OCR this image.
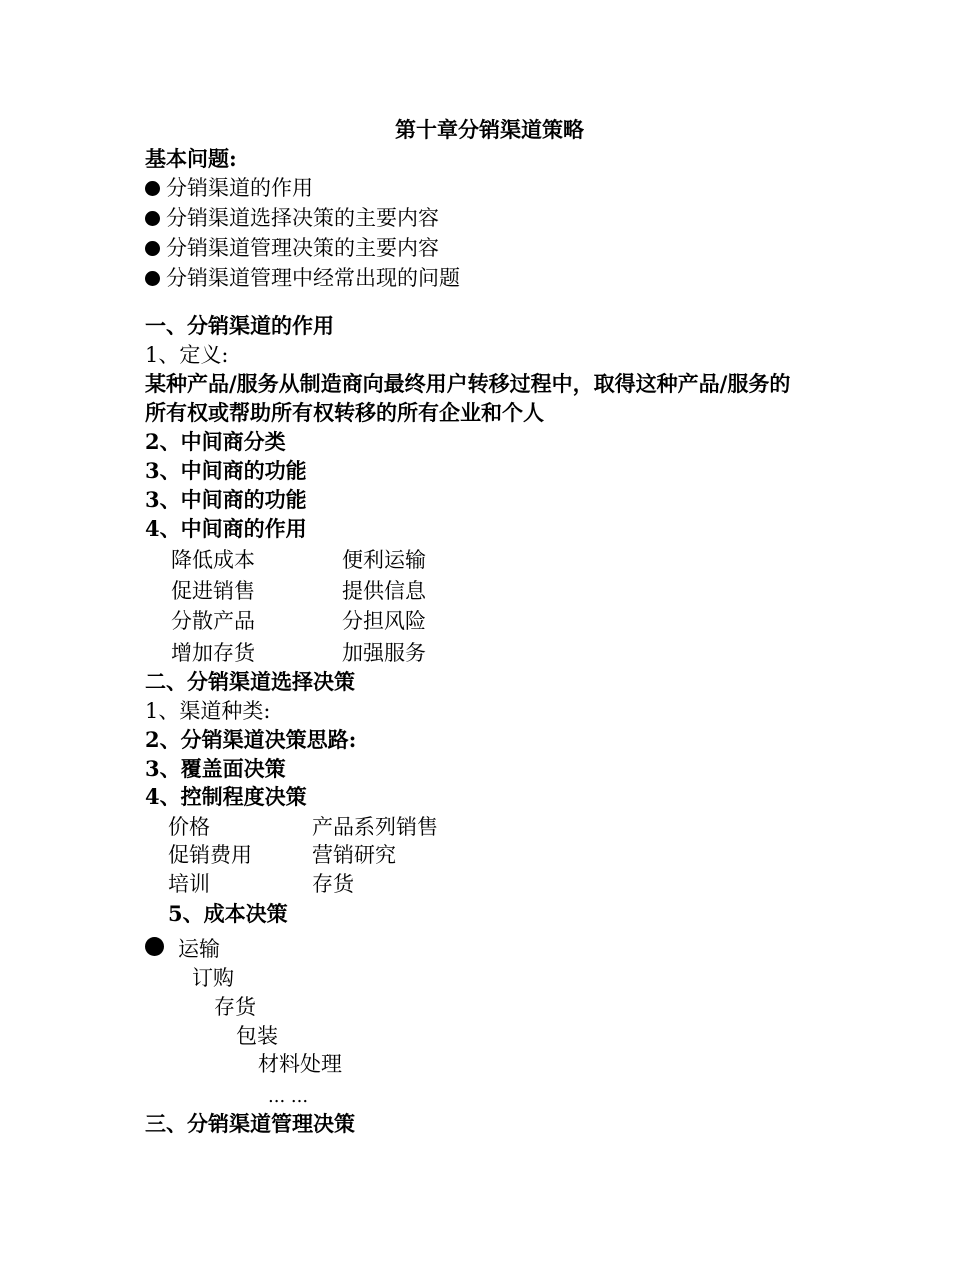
第十章分销渠道策略
基本问题:
分销渠道的作用
分销渠道选择决策的主要内容
分销渠道管理决策的主要内容
分销渠道管理中经常出现的问题
一、分销渠道的作用
1、定义:
某种产品/服务从制造商向最终用户转移过程中，取得这种产品/服务的
所有权或帮助所有权转移的所有企业和个人
2、中间商分类
3、中间商的功能
3、中间商的功能
4、中间商的作用
降低成本	便利运输
促进销售	提供信息
分散产品	分担风险
增加存货	加强服务
二、分销渠道选择决策
1、渠道种类:
2、分销渠道决策思路:
3、覆盖面决策
4、控制程度决策
价格	产品系列销售
促销费用	营销研究
培训	存货
5、成本决策
运输
订购
存货
包装
材料处理
... ...
三、分销渠道管理决策
